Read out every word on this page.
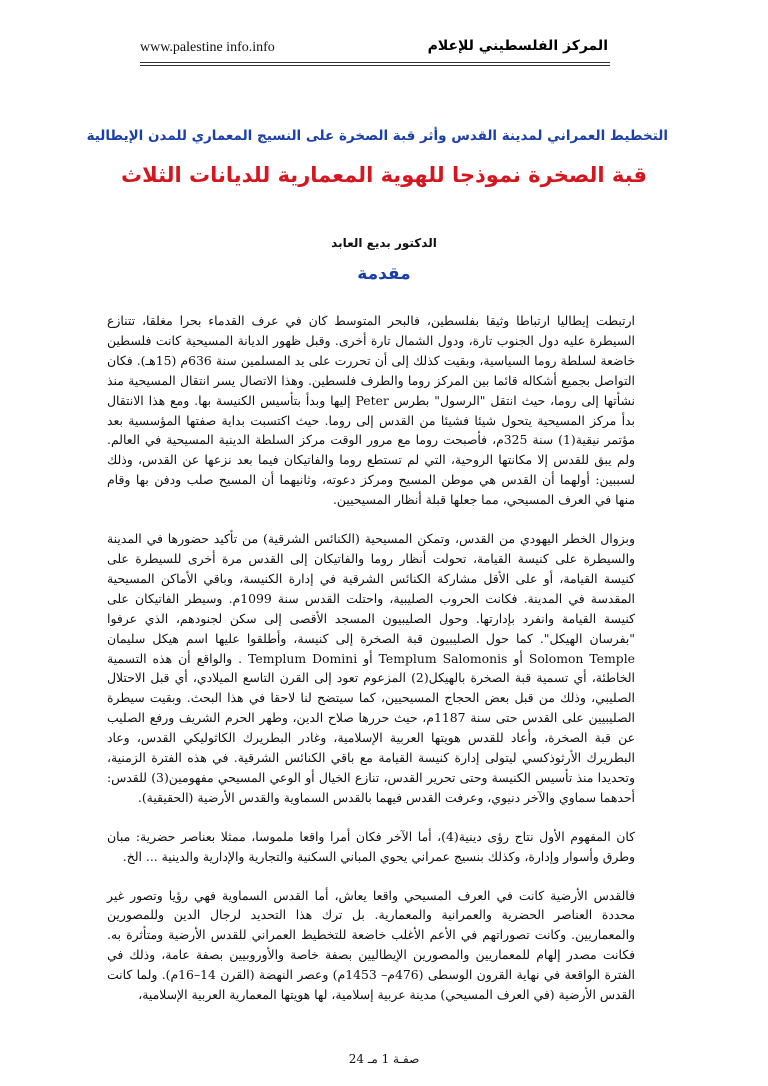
www.palestine info.info	المركز الفلسطيني للإعلام
التخطيط العمراني لمدينة القدس وأثر قبة الصخرة على النسيج المعماري للمدن الإيطالية
قبة الصخرة نموذجا للهوية المعمارية للديانات الثلاث
الدكتور بديع العابد
مقدمة

ارتبطت إيطاليا ارتباطا وثيقا بفلسطين، فالبحر المتوسط كان في عرف القدماء بحرا مغلقا، تتنازع السيطرة عليه دول الجنوب تارة، ودول الشمال تارة أخرى. وقبل ظهور الديانة المسيحية كانت فلسطين خاضعة لسلطة روما السياسية، وبقيت كذلك إلى أن تحررت على يد المسلمين سنة 636م (15هـ). فكان التواصل بجميع أشكاله قائما بين المركز روما والطرف فلسطين. وهذا الاتصال يسر انتقال المسيحية منذ نشأتها إلى روما، حيث انتقل "الرسول" بطرس Peter إليها وبدأ بتأسيس الكنيسة بها. ومع هذا الانتقال بدأ مركز المسيحية يتحول شيئا فشيئا من القدس إلى روما. حيث اكتسبت بداية صفتها المؤسسية بعد مؤتمر نيقية(1) سنة 325م، فأصبحت روما مع مرور الوقت مركز السلطة الدينية المسيحية في العالم. ولم يبق للقدس إلا مكانتها الروحية، التي لم تستطع روما والفاتيكان فيما بعد نزعها عن القدس، وذلك لسببين: أولهما أن القدس هي موطن المسيح ومركز دعوته، وثانيهما أن المسيح صلب ودفن بها وقام منها في العرف المسيحي، مما جعلها قبلة أنظار المسيحيين.

وبزوال الخطر اليهودي من القدس، وتمكن المسيحية (الكنائس الشرقية) من تأكيد حضورها في المدينة والسيطرة على كنيسة القيامة، تحولت أنظار روما والفاتيكان إلى القدس مرة أخرى للسيطرة على كنيسة القيامة، أو على الأقل مشاركة الكنائس الشرقية في إدارة الكنيسة، وباقي الأماكن المسيحية المقدسة في المدينة. فكانت الحروب الصليبية، واحتلت القدس سنة 1099م. وسيطر الفاتيكان على كنيسة القيامة وانفرد بإدارتها. وحول الصليبيون المسجد الأقصى إلى سكن لجنودهم، الذي عرفوا "بفرسان الهيكل". كما حول الصليبيون قبة الصخرة إلى كنيسة، وأطلقوا عليها اسم هيكل سليمان Solomon Temple أو Templum Salomonis أو Templum Domini . والواقع أن هذه التسمية الخاطئة، أي تسمية قبة الصخرة بالهيكل(2) المزعوم تعود إلى القرن التاسع الميلادي، أي قبل الاحتلال الصليبي، وذلك من قبل بعض الحجاج المسيحيين، كما سيتضح لنا لاحقا في هذا البحث. وبقيت سيطرة الصليبيين على القدس حتى سنة 1187م، حيث حررها صلاح الدين، وطهر الحرم الشريف ورفع الصليب عن قبة الصخرة، وأعاد للقدس هويتها العربية الإسلامية، وغادر البطريرك الكاثوليكي القدس، وعاد البطريرك الأرثوذكسي ليتولى إدارة كنيسة القيامة مع باقي الكنائس الشرقية. في هذه الفترة الزمنية، وتحديدا منذ تأسيس الكنيسة وحتى تحرير القدس، تنازع الخيال أو الوعي المسيحي مفهومين(3) للقدس: أحدهما سماوي والآخر دنيوي، وعرفت القدس فيهما بالقدس السماوية والقدس الأرضية (الحقيقية).

كان المفهوم الأول نتاج رؤى دينية(4)، أما الآخر فكان أمرا واقعا ملموسا، ممثلا بعناصر حضرية: مبان وطرق وأسوار وإدارة، وكذلك بنسيج عمراني يحوي المباني السكنية والتجارية والإدارية والدينية ... الخ.

فالقدس الأرضية كانت في العرف المسيحي واقعا يعاش، أما القدس السماوية فهي رؤيا وتصور غير محددة العناصر الحضرية والعمرانية والمعمارية. بل ترك هذا التحديد لرجال الدين وللمصورين والمعماريين. وكانت تصوراتهم في الأعم الأغلب خاضعة للتخطيط العمراني للقدس الأرضية ومتأثرة به. فكانت مصدر إلهام للمعماريين والمصورين الإيطاليين بصفة خاصة والأوروبيين بصفة عامة، وذلك في الفترة الواقعة في نهاية القرون الوسطى (476م– 1453م) وعصر النهضة (القرن 14–16م). ولما كانت القدس الأرضية (في العرف المسيحي) مدينة عربية إسلامية، لها هويتها المعمارية العربية الإسلامية،

صفـة 1 مـ 24
